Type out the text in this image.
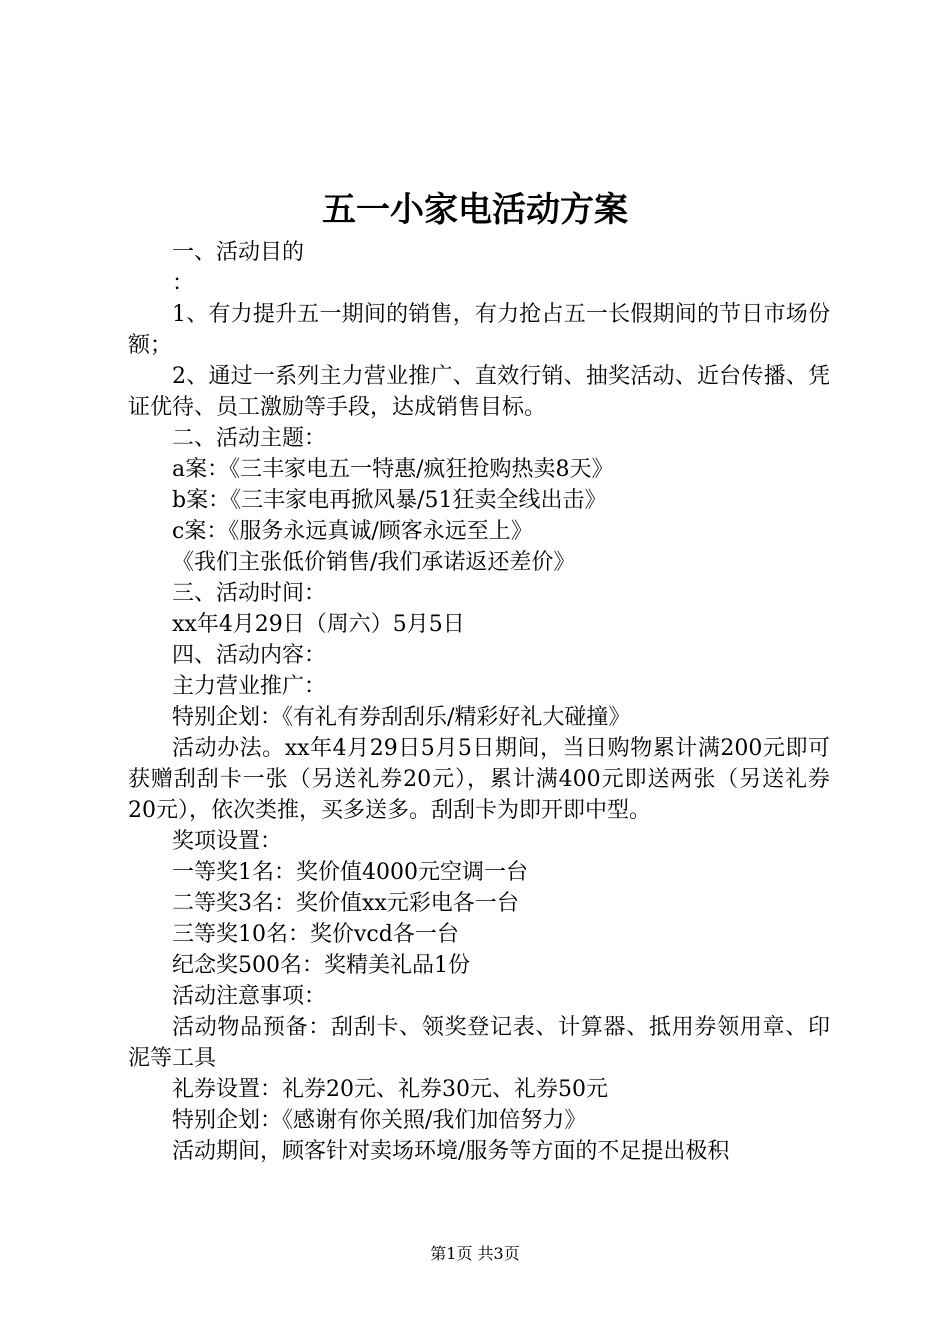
五一小家电活动方案

一、活动目的

：

1、有力提升五一期间的销售，有力抢占五一长假期间的节日市场份额；

2、通过一系列主力营业推广、直效行销、抽奖活动、近台传播、凭证优待、员工激励等手段，达成销售目标。

二、活动主题：

a案：《三丰家电五一特惠/疯狂抢购热卖8天》

b案：《三丰家电再掀风暴/51狂卖全线出击》

c案：《服务永远真诚/顾客永远至上》

《我们主张低价销售/我们承诺返还差价》

三、活动时间：

xx年4月29日（周六）5月5日

四、活动内容：

主力营业推广：

特别企划：《有礼有券刮刮乐/精彩好礼大碰撞》

活动办法。xx年4月29日5月5日期间，当日购物累计满200元即可获赠刮刮卡一张（另送礼券20元），累计满400元即送两张（另送礼券20元），依次类推，买多送多。刮刮卡为即开即中型。

奖项设置：

一等奖1名：奖价值4000元空调一台

二等奖3名：奖价值xx元彩电各一台

三等奖10名：奖价vcd各一台

纪念奖500名：奖精美礼品1份

活动注意事项：

活动物品预备：刮刮卡、领奖登记表、计算器、抵用券领用章、印泥等工具

礼券设置：礼券20元、礼券30元、礼券50元

特别企划：《感谢有你关照/我们加倍努力》

活动期间，顾客针对卖场环境/服务等方面的不足提出极积

第1页 共3页
